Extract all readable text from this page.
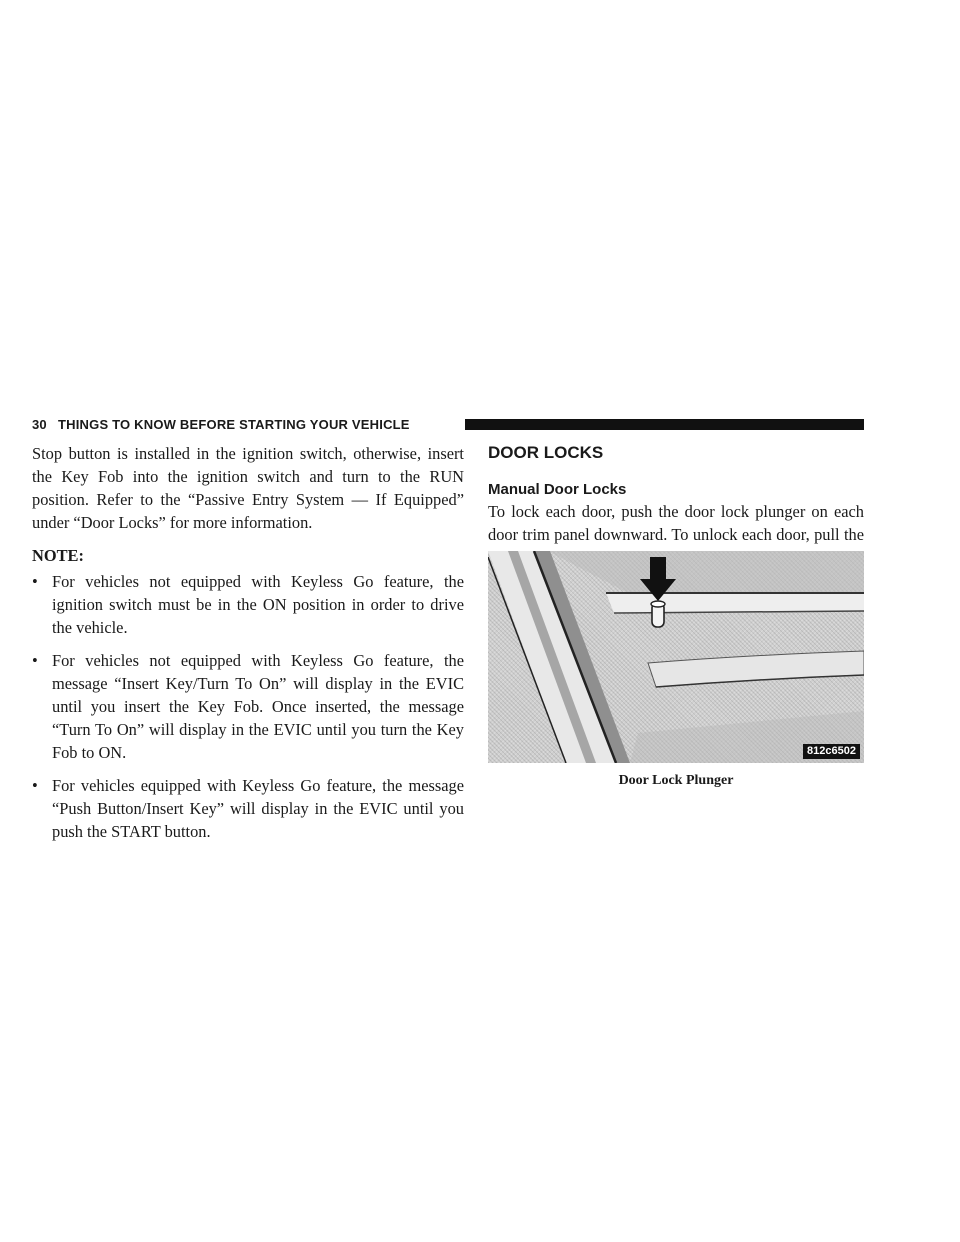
30 THINGS TO KNOW BEFORE STARTING YOUR VEHICLE

Stop button is installed in the ignition switch, otherwise, insert the Key Fob into the ignition switch and turn to the RUN position. Refer to the “Passive Entry System — If Equipped” under “Door Locks” for more information.

NOTE:

• For vehicles not equipped with Keyless Go feature, the ignition switch must be in the ON position in order to drive the vehicle.
• For vehicles not equipped with Keyless Go feature, the message “Insert Key/Turn To On” will display in the EVIC until you insert the Key Fob. Once inserted, the message “Turn To On” will display in the EVIC until you turn the Key Fob to ON.
• For vehicles equipped with Keyless Go feature, the message “Push Button/Insert Key” will display in the EVIC until you push the START button.
DOOR LOCKS
Manual Door Locks

To lock each door, push the door lock plunger on each door trim panel downward. To unlock each door, pull the

812c6502
Door Lock Plunger
